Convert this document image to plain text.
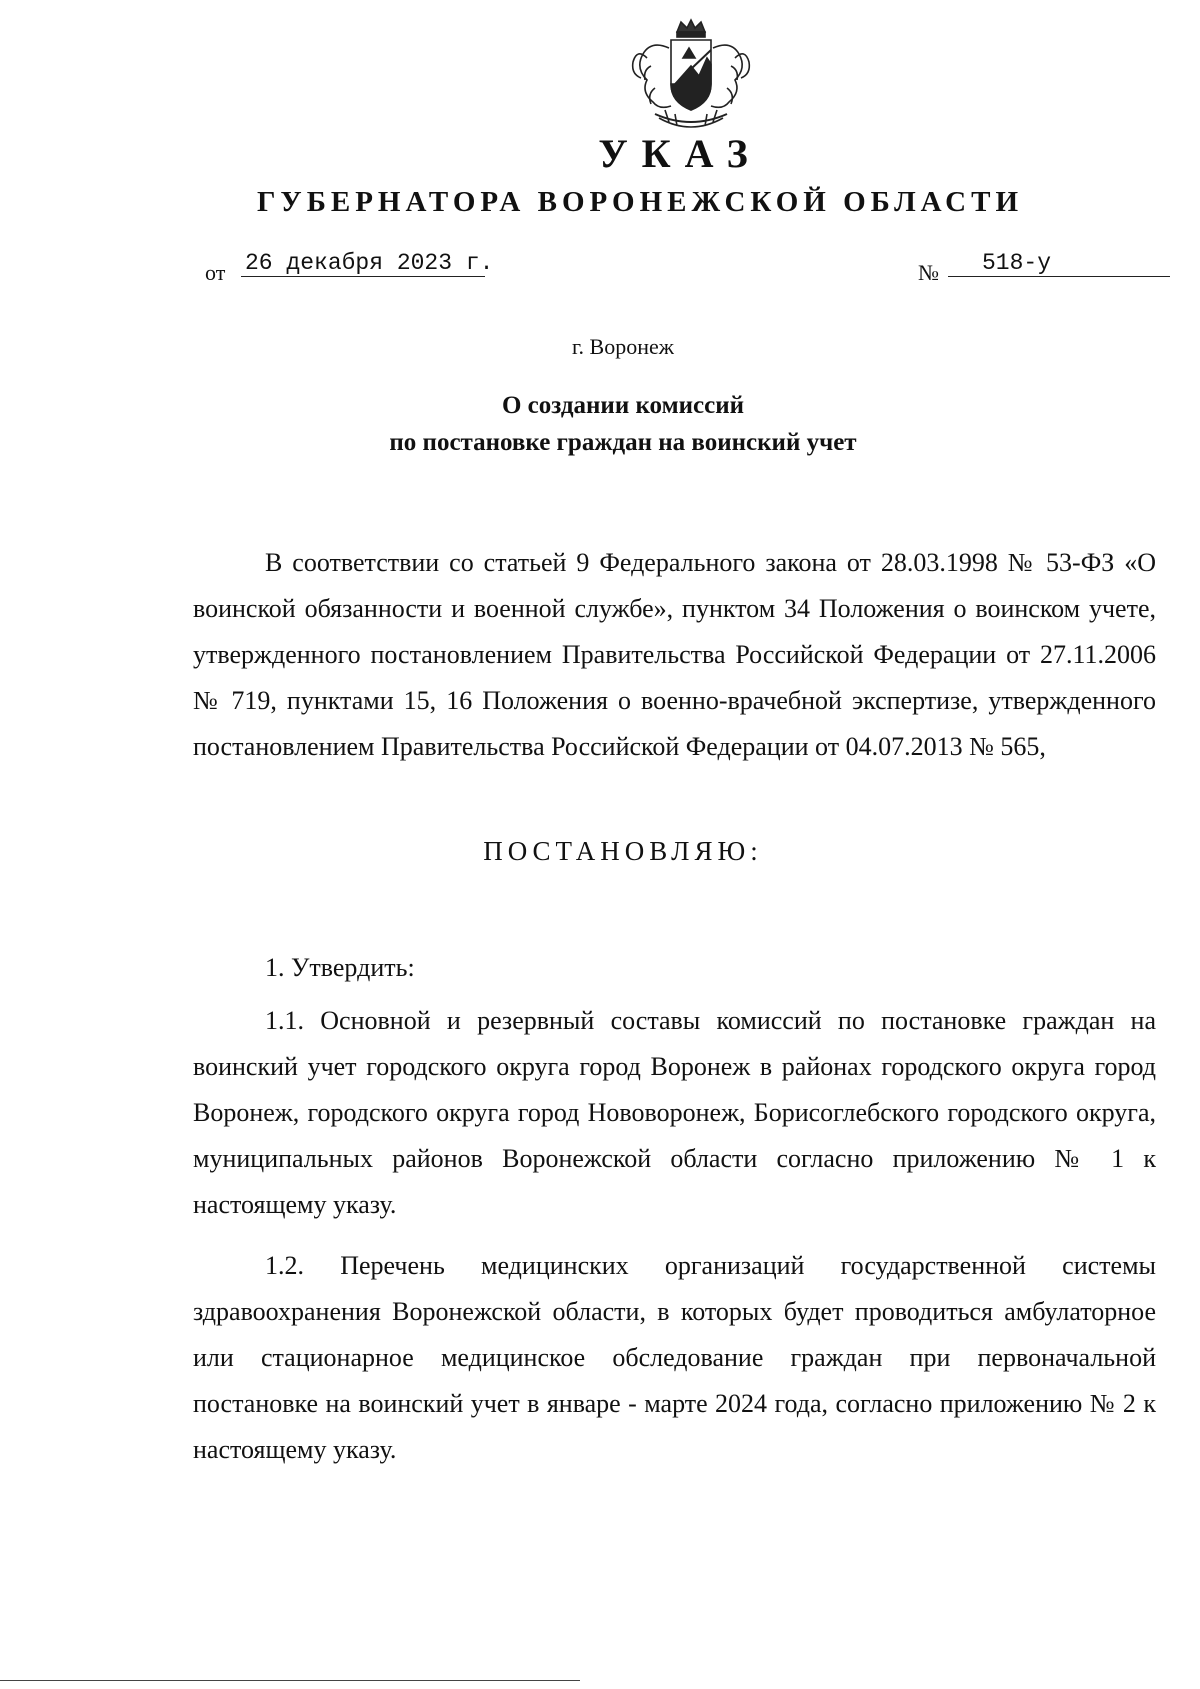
УКАЗ
ГУБЕРНАТОРА ВОРОНЕЖСКОЙ ОБЛАСТИ
от 26 декабря 2023 г.	№	518-у
г. Воронеж
О создании комиссий
по постановке граждан на воинский учет

В соответствии со статьей 9 Федерального закона от 28.03.1998 № 53-ФЗ «О воинской обязанности и военной службе», пунктом 34 Положения о воинском учете, утвержденного постановлением Правительства Российской Федерации от 27.11.2006 № 719, пунктами 15, 16 Положения о военно-врачебной экспертизе, утвержденного постановлением Правительства Российской Федерации от 04.07.2013 № 565,

ПОСТАНОВЛЯЮ:
1. Утвердить:

1.1. Основной и резервный составы комиссий по постановке граждан на воинский учет городского округа город Воронеж в районах городского округа город Воронеж, городского округа город Нововоронеж, Борисоглебского городского округа, муниципальных районов Воронежской области согласно приложению № 1 к настоящему указу.

1.2. Перечень медицинских организаций государственной системы здравоохранения Воронежской области, в которых будет проводиться амбулаторное или стационарное медицинское обследование граждан при первоначальной постановке на воинский учет в январе - марте 2024 года, согласно приложению № 2 к настоящему указу.
